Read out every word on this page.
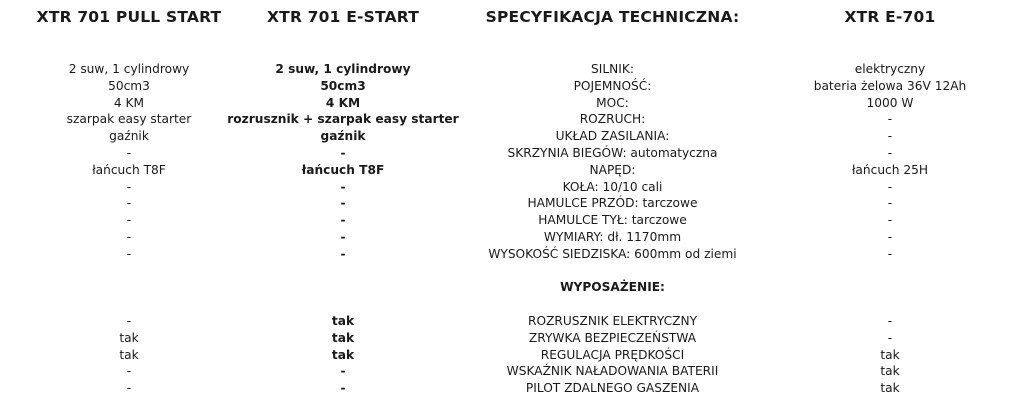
XTR 701 PULL START
2 suw, 1 cylindrowy
50cm3
4 KM
szarpak easy starter
gaźnik
-
łańcuch T8F
-
-
-
-
-
-
tak
tak
-
-
XTR 701 E-START
2 suw, 1 cylindrowy
50cm3
4 KM
rozrusznik + szarpak easy starter
gaźnik
-
łańcuch T8F
-
-
-
-
-
tak
tak
tak
-
-
SPECYFIKACJA TECHNICZNA:
SILNIK:
POJEMNOŚĆ:
MOC:
ROZRUCH:
UKŁAD ZASILANIA:
SKRZYNIA BIEGÓW: automatyczna
NAPĘD:
KOŁA: 10/10 cali
HAMULCE PRZÓD: tarczowe
HAMULCE TYŁ: tarczowe
WYMIARY: dł. 1170mm
WYSOKOŚĆ SIEDZISKA: 600mm od ziemi
WYPOSAŻENIE:
ROZRUSZNIK ELEKTRYCZNY
ZRYWKA BEZPIECZEŃSTWA
REGULACJA PRĘDKOŚCI
WSKAŹNIK NAŁADOWANIA BATERII
PILOT ZDALNEGO GASZENIA
XTR E-701
elektryczny
bateria żelowa 36V 12Ah
1000 W
-
-
-
łańcuch 25H
-
-
-
-
-
-
-
tak
tak
tak
